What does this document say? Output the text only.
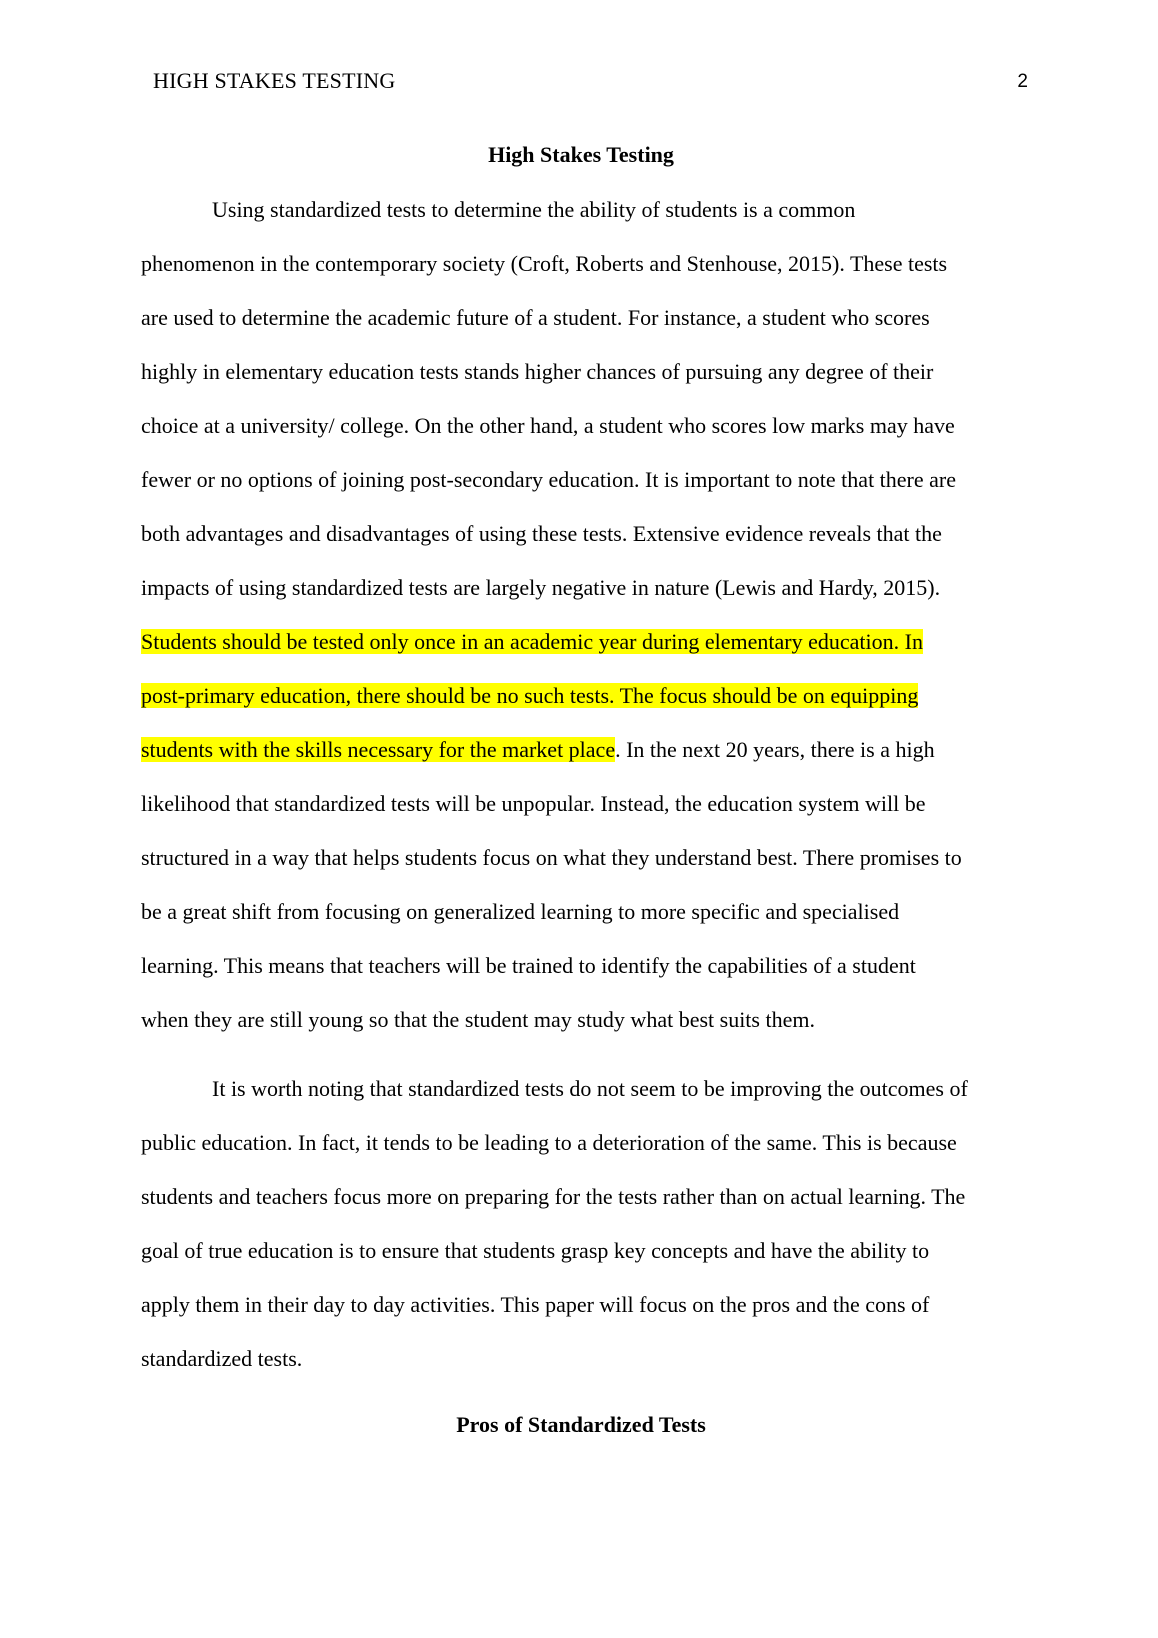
HIGH STAKES TESTING	2
High Stakes Testing
Using standardized tests to determine the ability of students is a common
phenomenon in the contemporary society (Croft, Roberts and Stenhouse, 2015). These tests
are used to determine the academic future of a student. For instance, a student who scores
highly in elementary education tests stands higher chances of pursuing any degree of their
choice at a university/ college. On the other hand, a student who scores low marks may have
fewer or no options of joining post-secondary education. It is important to note that there are
both advantages and disadvantages of using these tests. Extensive evidence reveals that the
impacts of using standardized tests are largely negative in nature (Lewis and Hardy, 2015).
Students should be tested only once in an academic year during elementary education. In
post-primary education, there should be no such tests. The focus should be on equipping
students with the skills necessary for the market place. In the next 20 years, there is a high
likelihood that standardized tests will be unpopular. Instead, the education system will be
structured in a way that helps students focus on what they understand best. There promises to
be a great shift from focusing on generalized learning to more specific and specialised
learning. This means that teachers will be trained to identify the capabilities of a student
when they are still young so that the student may study what best suits them.
It is worth noting that standardized tests do not seem to be improving the outcomes of
public education. In fact, it tends to be leading to a deterioration of the same. This is because
students and teachers focus more on preparing for the tests rather than on actual learning. The
goal of true education is to ensure that students grasp key concepts and have the ability to
apply them in their day to day activities. This paper will focus on the pros and the cons of
standardized tests.
Pros of Standardized Tests
